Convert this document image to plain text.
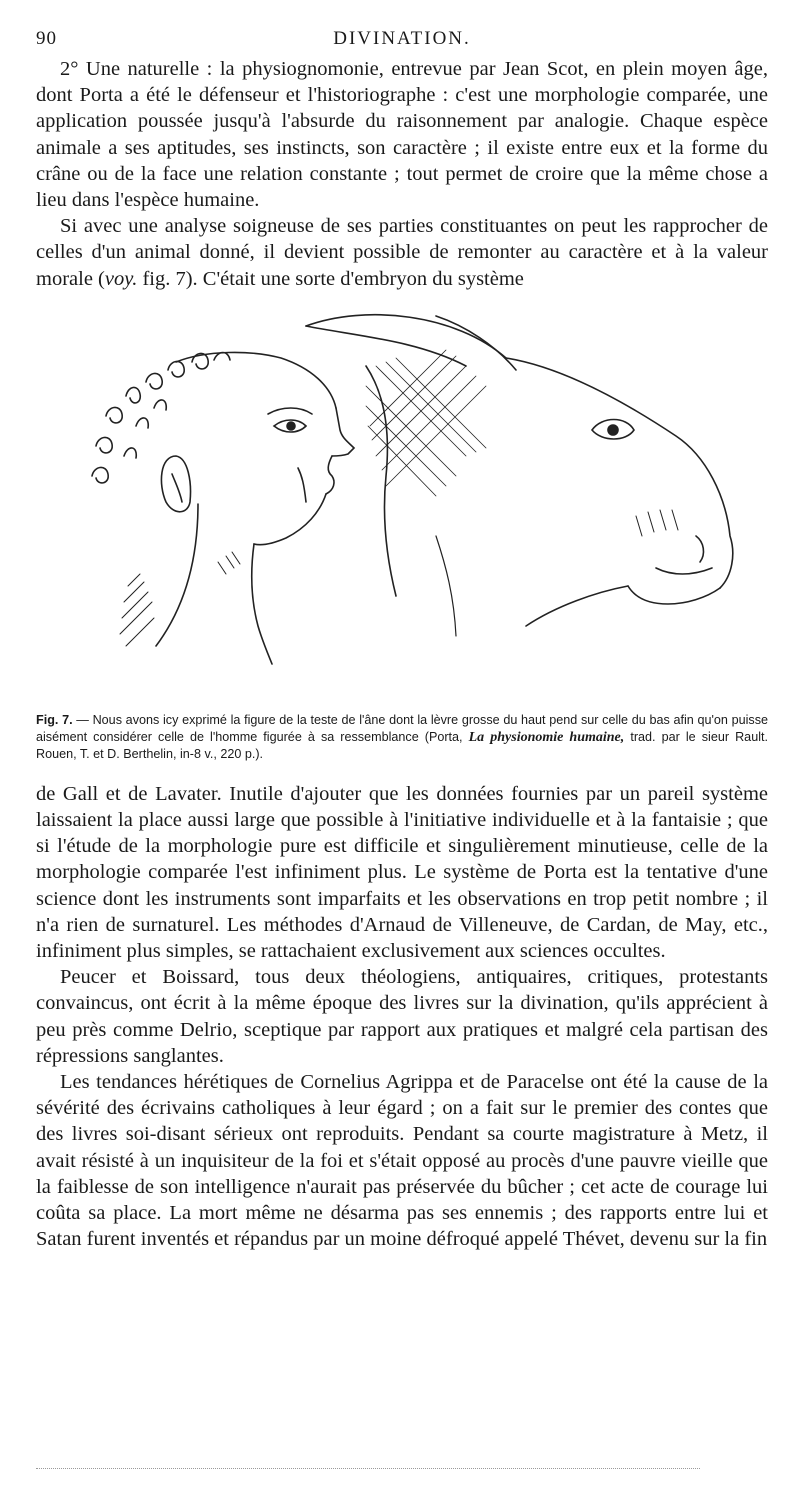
90	DIVINATION.

2° Une naturelle : la physiognomonie, entrevue par Jean Scot, en plein moyen âge, dont Porta a été le défenseur et l'historiographe : c'est une morphologie comparée, une application poussée jusqu'à l'absurde du raisonnement par analogie. Chaque espèce animale a ses aptitudes, ses instincts, son caractère ; il existe entre eux et la forme du crâne ou de la face une relation constante ; tout permet de croire que la même chose a lieu dans l'espèce humaine.

Si avec une analyse soigneuse de ses parties constituantes on peut les rapprocher de celles d'un animal donné, il devient possible de remonter au caractère et à la valeur morale (voy. fig. 7). C'était une sorte d'embryon du système

Fig. 7. — Nous avons icy exprimé la figure de la teste de l'âne dont la lèvre grosse du haut pend sur celle du bas afin qu'on puisse aisément considérer celle de l'homme figurée à sa ressemblance (Porta, La physionomie humaine, trad. par le sieur Rault. Rouen, T. et D. Berthelin, in-8 v., 220 p.).

de Gall et de Lavater. Inutile d'ajouter que les données fournies par un pareil système laissaient la place aussi large que possible à l'initiative individuelle et à la fantaisie ; que si l'étude de la morphologie pure est difficile et singulièrement minutieuse, celle de la morphologie comparée l'est infiniment plus. Le système de Porta est la tentative d'une science dont les instruments sont imparfaits et les observations en trop petit nombre ; il n'a rien de surnaturel. Les méthodes d'Arnaud de Villeneuve, de Cardan, de May, etc., infiniment plus simples, se rattachaient exclusivement aux sciences occultes.

Peucer et Boissard, tous deux théologiens, antiquaires, critiques, protestants convaincus, ont écrit à la même époque des livres sur la divination, qu'ils apprécient à peu près comme Delrio, sceptique par rapport aux pratiques et malgré cela partisan des répressions sanglantes.

Les tendances hérétiques de Cornelius Agrippa et de Paracelse ont été la cause de la sévérité des écrivains catholiques à leur égard ; on a fait sur le premier des contes que des livres soi-disant sérieux ont reproduits. Pendant sa courte magistrature à Metz, il avait résisté à un inquisiteur de la foi et s'était opposé au procès d'une pauvre vieille que la faiblesse de son intelligence n'aurait pas préservée du bûcher ; cet acte de courage lui coûta sa place. La mort même ne désarma pas ses ennemis ; des rapports entre lui et Satan furent inventés et répandus par un moine défroqué appelé Thévet, devenu sur la fin
